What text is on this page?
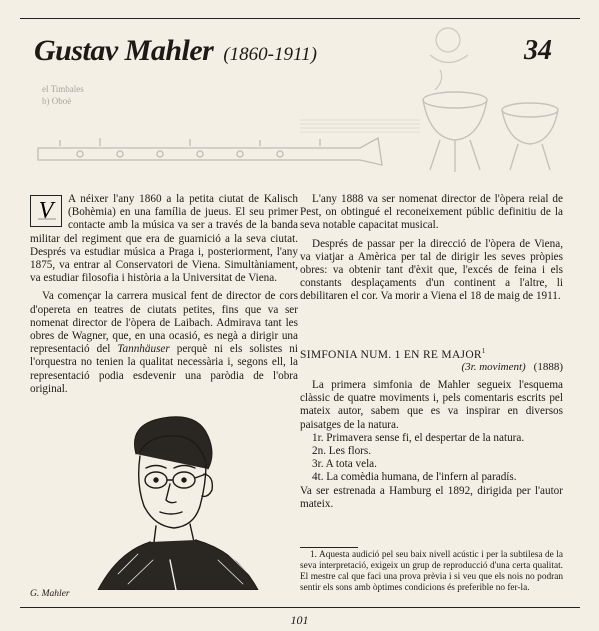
el Timbales
b) Oboè
Gustav Mahler (1860-1911)	34

V A néixer l'any 1860 a la petita ciutat de Kalisch (Bohèmia) en una família de jueus. El seu primer contacte amb la música va ser a través de la banda militar del regiment que era de guarnició a la seva ciutat. Després va estudiar música a Praga i, posteriorment, l'any 1875, va entrar al Conservatori de Viena. Simultàniament, va estudiar filosofia i història a la Universitat de Viena.

Va començar la carrera musical fent de director de cors d'opereta en teatres de ciutats petites, fins que va ser nomenat director de l'òpera de Laibach. Admirava tant les obres de Wagner, que, en una ocasió, es negà a dirigir una representació del Tannhäuser perquè ni els solistes ni l'orquestra no tenien la qualitat necessària i, segons ell, la representació podia esdevenir una paròdia de l'obra original.

L'any 1888 va ser nomenat director de l'òpera reial de Pest, on obtingué el reconeixement públic definitiu de la seva notable capacitat musical.

Després de passar per la direcció de l'òpera de Viena, va viatjar a Amèrica per tal de dirigir les seves pròpies obres: va obtenir tant d'èxit que, l'excés de feina i els constants desplaçaments d'un continent a l'altre, li debilitaren el cor. Va morir a Viena el 18 de maig de 1911.

SIMFONIA NUM. 1 EN RE MAJOR$^1$
(3r. moviment) (1888)

La primera simfonia de Mahler segueix l'esquema clàssic de quatre moviments i, pels comentaris escrits pel mateix autor, sabem que es va inspirar en diversos paisatges de la natura.

1r. Primavera sense fi, el despertar de la natura.
2n. Les flors.
3r. A tota vela.
4t. La comèdia humana, de l'infern al paradís.

Va ser estrenada a Hamburg el 1892, dirigida per l'autor mateix.

1. Aquesta audició pel seu baix nivell acústic i per la subtilesa de la seva interpretació, exigeix un grup de reproducció d'una certa qualitat. El mestre cal que faci una prova prèvia i si veu que els nois no podran sentir els sons amb òptimes condicions és preferible no fer-la.
G. Mahler
101
